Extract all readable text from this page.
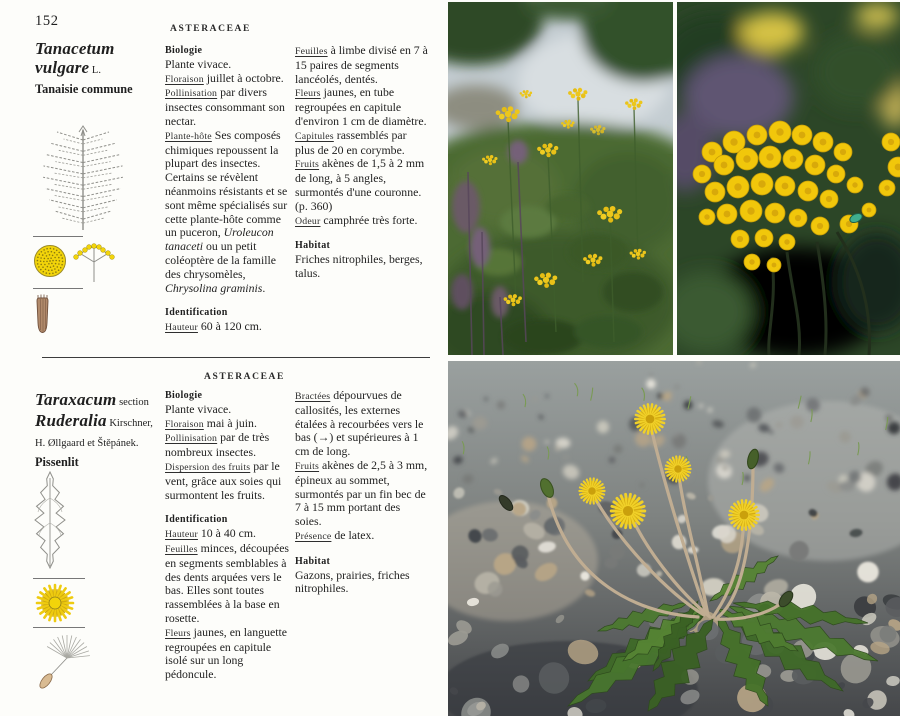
152	ASTERACEAE
ASTERACEAE
Tanacetum
vulgare L.
Tanaisie commune
Biologie
Plante vivace.
Floraison juillet à octobre.
Pollinisation par divers insectes consommant son nectar.
Plante-hôte Ses composés chimiques repoussent la plupart des insectes. Certains se révèlent néanmoins résistants et se sont même spécialisés sur cette plante-hôte comme un puceron, Uroleucon tanaceti ou un petit coléoptère de la famille des chrysomèles, Chrysolina graminis.
Identification
Hauteur 60 à 120 cm.
Feuilles à limbe divisé en 7 à 15 paires de segments lancéolés, dentés.
Fleurs jaunes, en tube regroupées en capitule d'environ 1 cm de diamètre.
Capitules rassemblés par plus de 20 en corymbe.
Fruits akènes de 1,5 à 2 mm de long, à 5 angles, surmontés d'une couronne. (p. 360)
Odeur camphrée très forte.
Habitat
Friches nitrophiles, berges, talus.
Taraxacum section
Ruderalia Kirschner,
H. Øllgaard et Štěpánek.
Pissenlit
Biologie
Plante vivace.
Floraison mai à juin.
Pollinisation par de très nombreux insectes.
Dispersion des fruits par le vent, grâce aux soies qui surmontent les fruits.
Identification
Hauteur 10 à 40 cm.
Feuilles minces, découpées en segments semblables à des dents arquées vers le bas. Elles sont toutes rassemblées à la base en rosette.
Fleurs jaunes, en languette regroupées en capitule isolé sur un long pédoncule.
Bractées dépourvues de callosités, les externes étalées à recourbées vers le bas (→) et supérieures à 1 cm de long.
Fruits akènes de 2,5 à 3 mm, épineux au sommet, surmontés par un fin bec de 7 à 15 mm portant des soies.
Présence de latex.
Habitat
Gazons, prairies, friches nitrophiles.
